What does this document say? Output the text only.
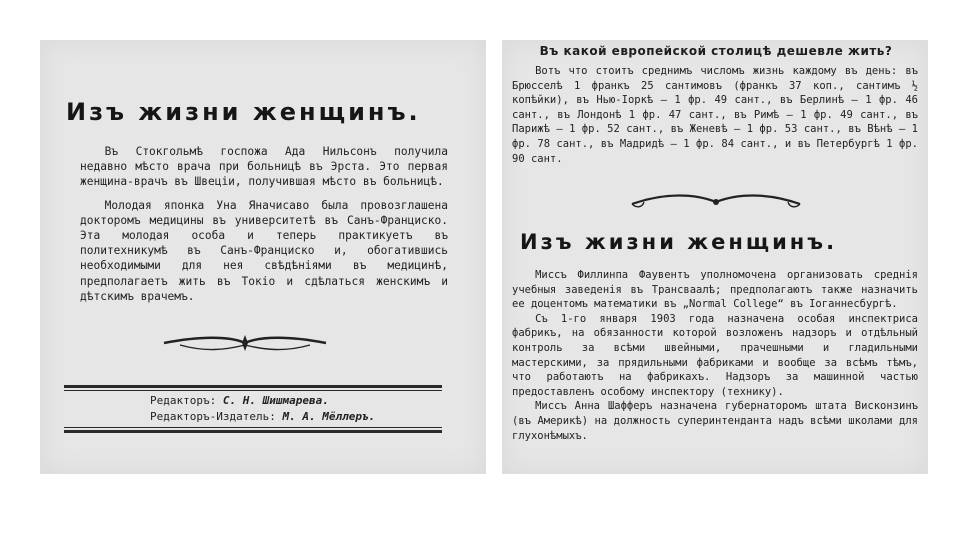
Изъ жизни женщинъ.

Въ Стокгольмѣ госпожа Ада Нильсонъ получила недавно мѣсто врача при больницѣ въ Эрста. Это первая женщина-врачъ въ Швеціи, получившая мѣсто въ больницѣ.

Молодая японка Уна Яначисаво была провозглашена докторомъ медицины въ университетѣ въ Санъ-Франциско. Эта молодая особа и теперь практикуетъ въ политехникумѣ въ Санъ-Франциско и, обогатившись необходимыми для нея свѣдѣніями въ медицинѣ, предполагаетъ жить въ Токіо и сдѣлаться женскимъ и дѣтскимъ врачемъ.

Редакторъ: С. Н. Шишмарева.
Редакторъ-Издатель: М. А. Мёллеръ.
Въ какой европейской столицѣ дешевле жить?

Вотъ что стоитъ среднимъ числомъ жизнь каждому въ день: въ Брюсселѣ 1 франкъ 25 сантимовъ (франкъ 37 коп., сантимъ ½ копѣйки), въ Нью-Іоркѣ — 1 фр. 49 сант., въ Берлинѣ — 1 фр. 46 сант., въ Лондонѣ 1 фр. 47 сант., въ Римѣ — 1 фр. 49 сант., въ Парижѣ — 1 фр. 52 сант., въ Женевѣ — 1 фр. 53 сант., въ Вѣнѣ — 1 фр. 78 сант., въ Мадридѣ — 1 фр. 84 сант., и въ Петербургѣ 1 фр. 90 сант.

Изъ жизни женщинъ.

Миссъ Филлинпа Фаувентъ уполномочена организовать среднія учебныя заведенія въ Трансваалѣ; предполагаютъ также назначить ее доцентомъ математики въ „Normal College“ въ Іоганнесбургѣ.

Съ 1-го января 1903 года назначена особая инспектриса фабрикъ, на обязанности которой возложенъ надзоръ и отдѣльный контроль за всѣми швейными, прачешными и гладильными мастерскими, за прядильными фабриками и вообще за всѣмъ тѣмъ, что работаютъ на фабрикахъ. Надзоръ за машинной частью предоставленъ особому инспектору (технику).

Миссъ Анна Шафферъ назначена губернаторомъ штата Висконзинъ (въ Америкѣ) на должность суперинтенданта надъ всѣми школами для глухонѣмыхъ.
